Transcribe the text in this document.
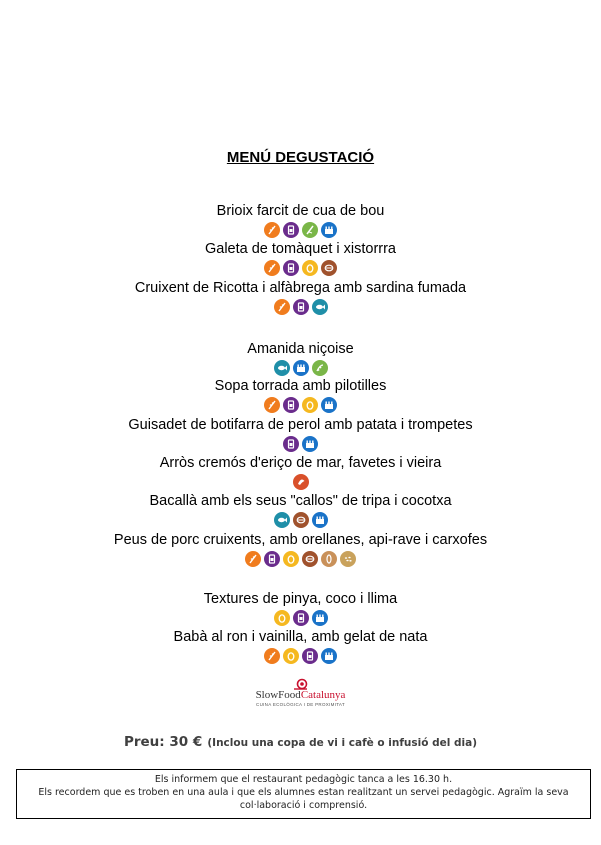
MENÚ DEGUSTACIÓ
Brioix farcit de cua de bou
Galeta de tomàquet i xistorrra
Cruixent de Ricotta i alfàbrega amb sardina fumada
Amanida niçoise
Sopa torrada amb pilotilles
Guisadet de botifarra de perol amb patata i trompetes
Arròs cremós d'eriço de mar, favetes i vieira
Bacallà amb els seus "callos" de tripa i cocotxa
Peus de porc cruixents, amb orellanes, api-rave i carxofes
Textures de pinya, coco i llima
Babà al ron i vainilla, amb gelat de nata
SlowFoodCatalunya
CUINA ECOLÒGICA I DE PROXIMITAT
Preu: 30 € (Inclou una copa de vi i cafè o infusió del dia)
Els informem que el restaurant pedagògic tanca a les 16.30 h.
Els recordem que es troben en una aula i que els alumnes estan realitzant un servei pedagògic. Agraïm la seva
col·laboració i comprensió.
